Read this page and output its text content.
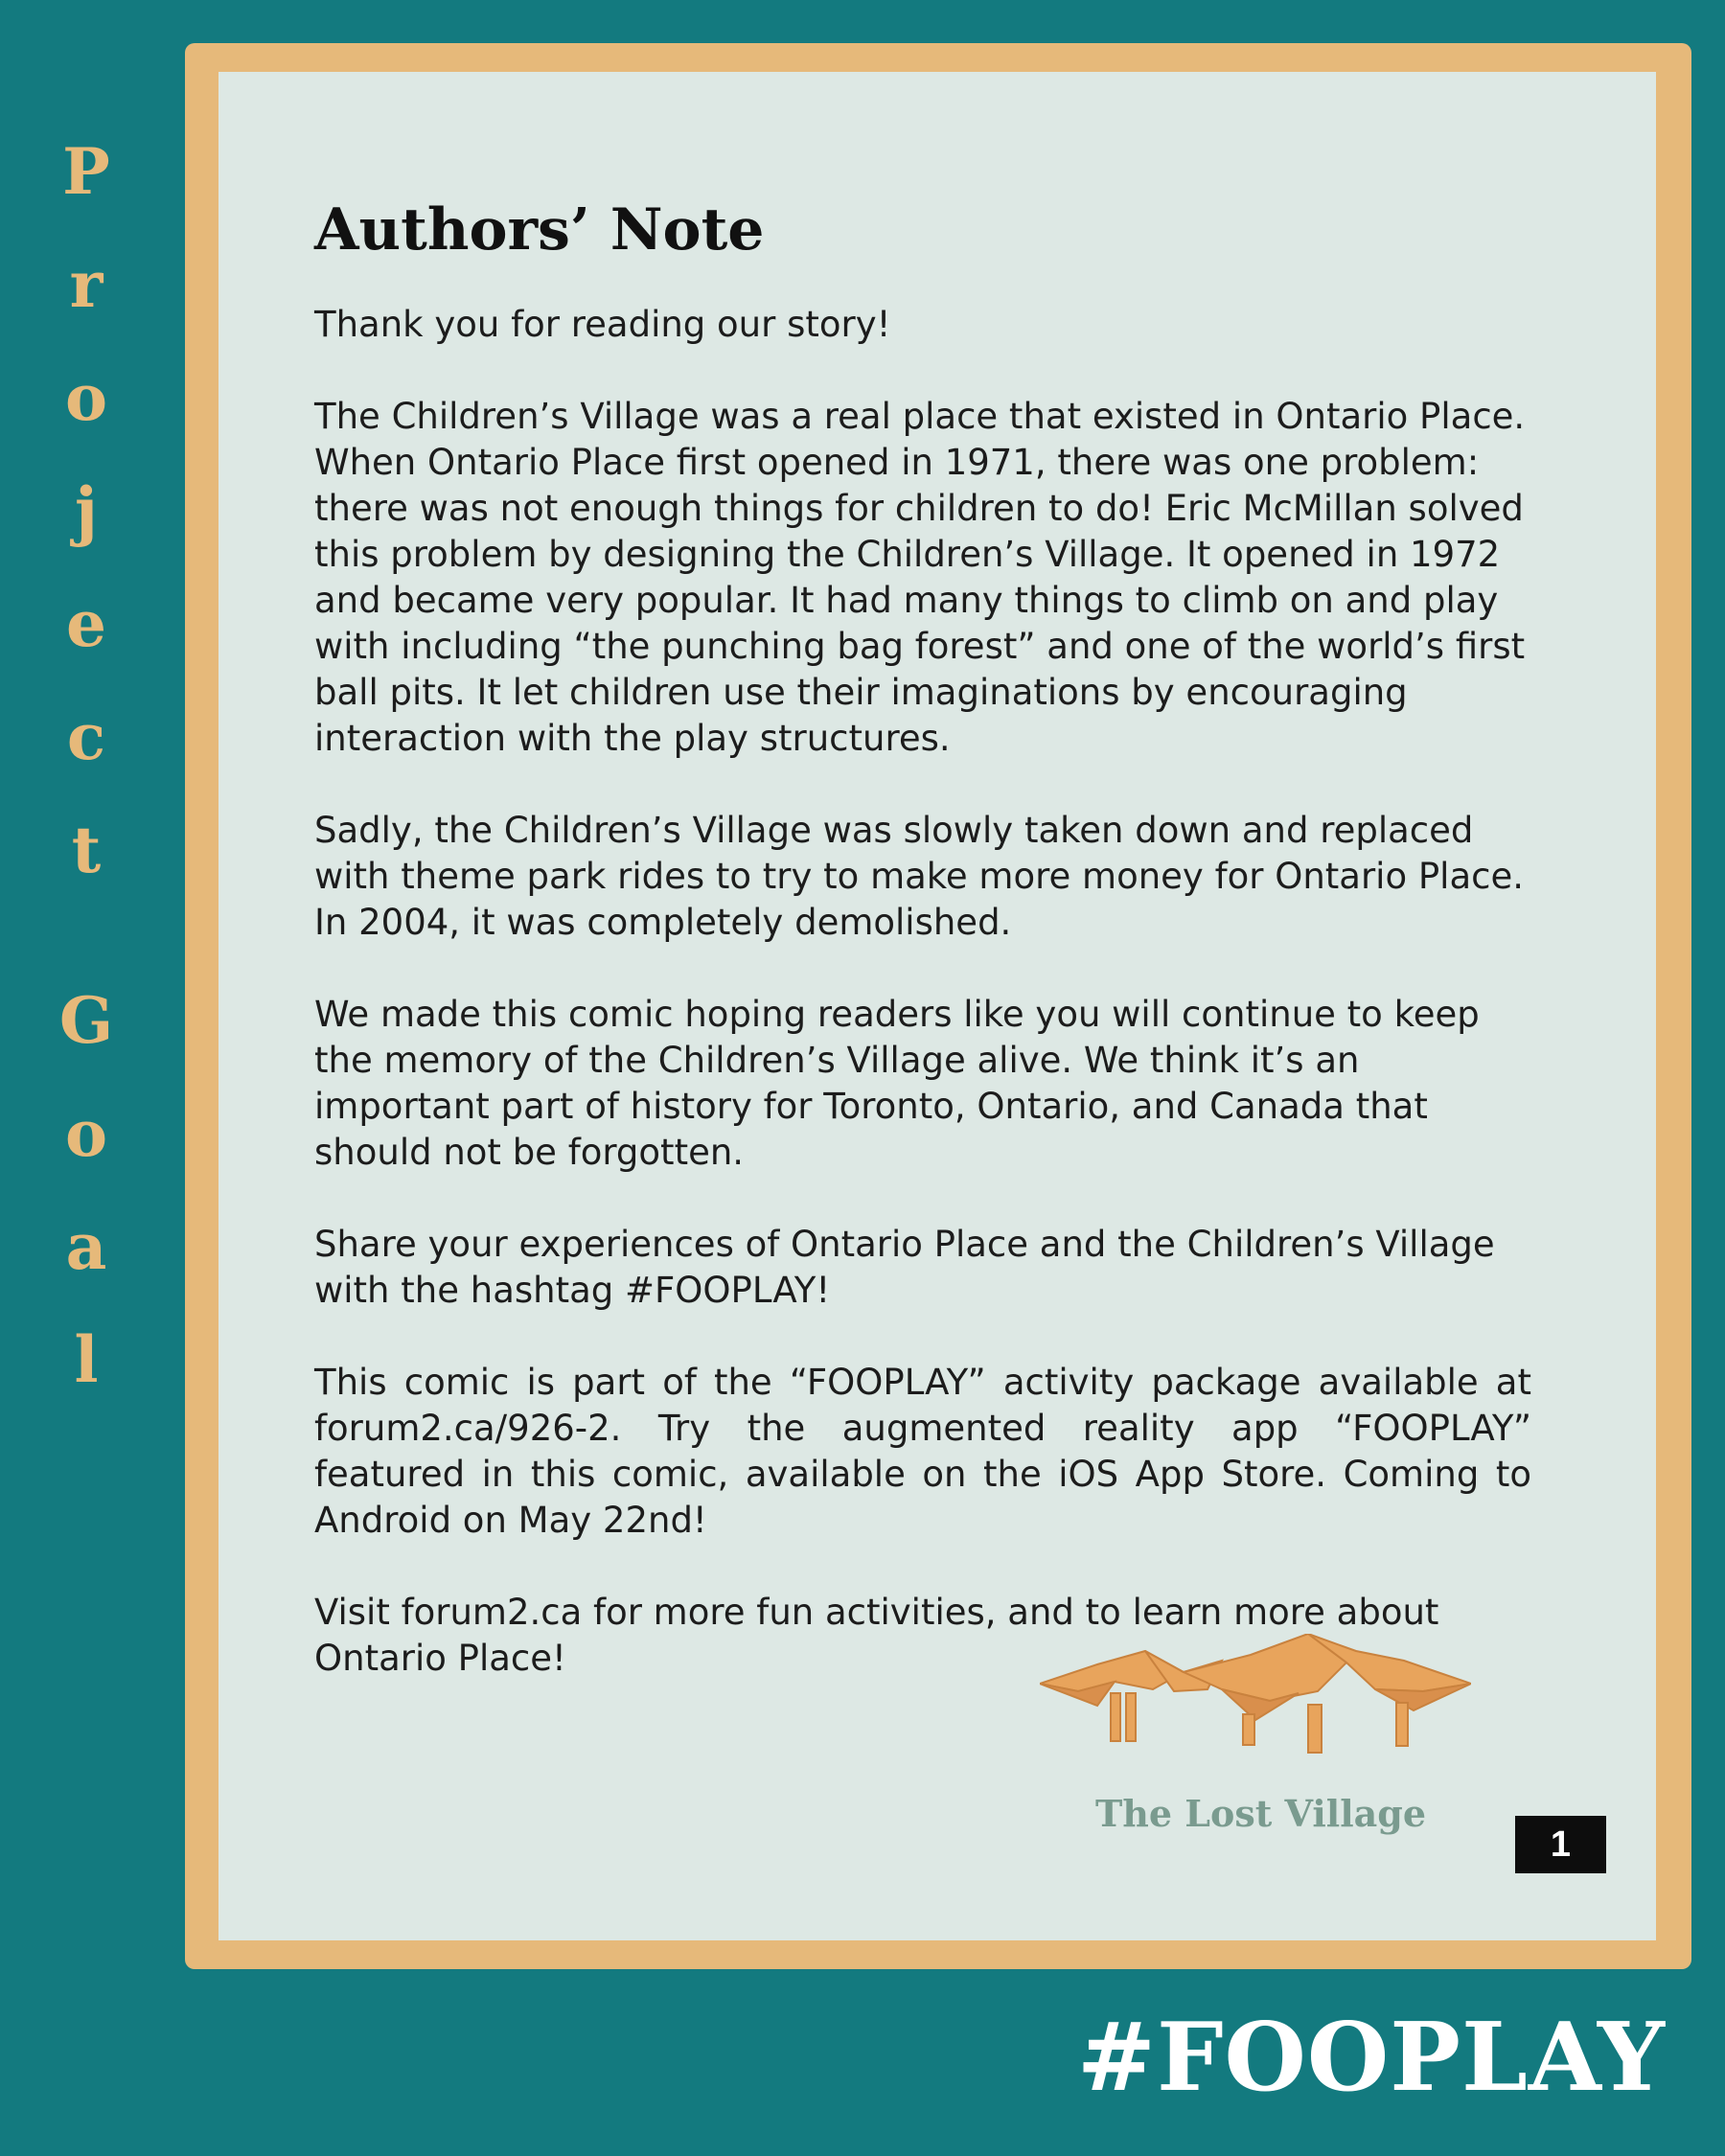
P
r
o
j
e
c
t
G
o
a
l
Authors’ Note

Thank you for reading our story!

The Children’s Village was a real place that existed in Ontario Place. When Ontario Place first opened in 1971, there was one problem: there was not enough things for children to do! Eric McMillan solved this problem by designing the Children’s Village. It opened in 1972 and became very popular. It had many things to climb on and play with including “the punching bag forest” and one of the world’s first ball pits. It let children use their imaginations by encouraging interaction with the play structures.

Sadly, the Children’s Village was slowly taken down and replaced with theme park rides to try to make more money for Ontario Place. In 2004, it was completely demolished.

We made this comic hoping readers like you will continue to keep the memory of the Children’s Village alive. We think it’s an important part of history for Toronto, Ontario, and Canada that should not be forgotten.

Share your experiences of Ontario Place and the Children’s Village with the hashtag #FOOPLAY!

This comic is part of the “FOOPLAY” activity package available at forum2.ca/926-2. Try the augmented reality app “FOOPLAY” featured in this comic, available on the iOS App Store. Coming to Android on May 22nd!

Visit forum2.ca for more fun activities, and to learn more about Ontario Place!

The Lost Village
1
#FOOPLAY
